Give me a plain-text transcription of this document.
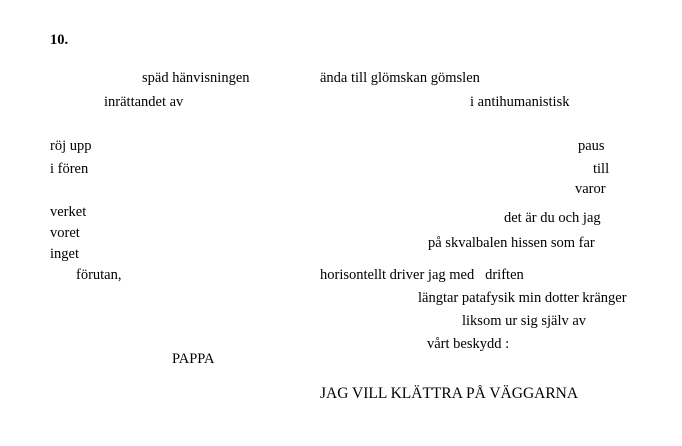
10.
späd hänvisningen	ända till glömskan gömslen
inrättandet av	i antihumanistisk
röj upp	paus
i fören	till
varor
verket	det är du och jag
voret
på skvalbalen hissen som far
inget
förutan,	horisontellt driver jag med   driften
längtar patafysik min dotter kränger
liksom ur sig själv av
vårt beskydd :
PAPPA
JAG VILL KLÄTTRA PÅ VÄGGARNA
